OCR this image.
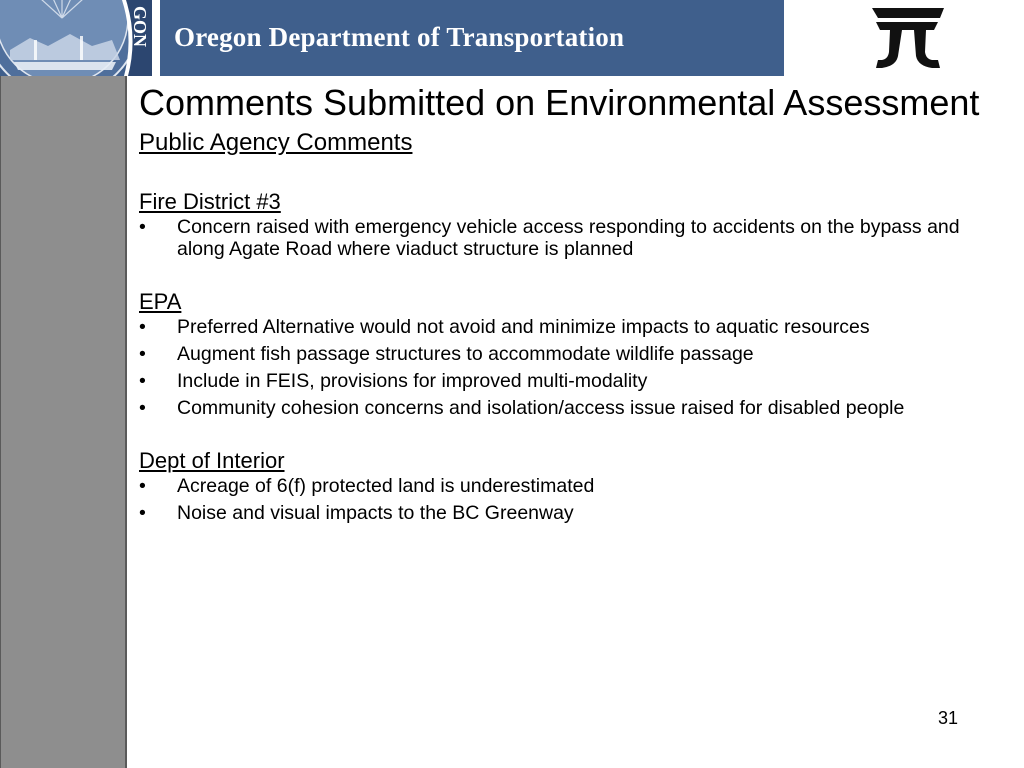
GON Oregon Department of Transportation
Comments Submitted on Environmental Assessment

Public Agency Comments

Fire District #3

• Concern raised with emergency vehicle access responding to accidents on the bypass and along Agate Road where viaduct structure is planned

EPA

• Preferred Alternative would not avoid and minimize impacts to aquatic resources
• Augment fish passage structures to accommodate wildlife passage
• Include in FEIS, provisions for improved multi-modality
• Community cohesion concerns and isolation/access issue raised for disabled people

Dept of Interior

• Acreage of 6(f) protected land is underestimated
• Noise and visual impacts to the BC Greenway
31
